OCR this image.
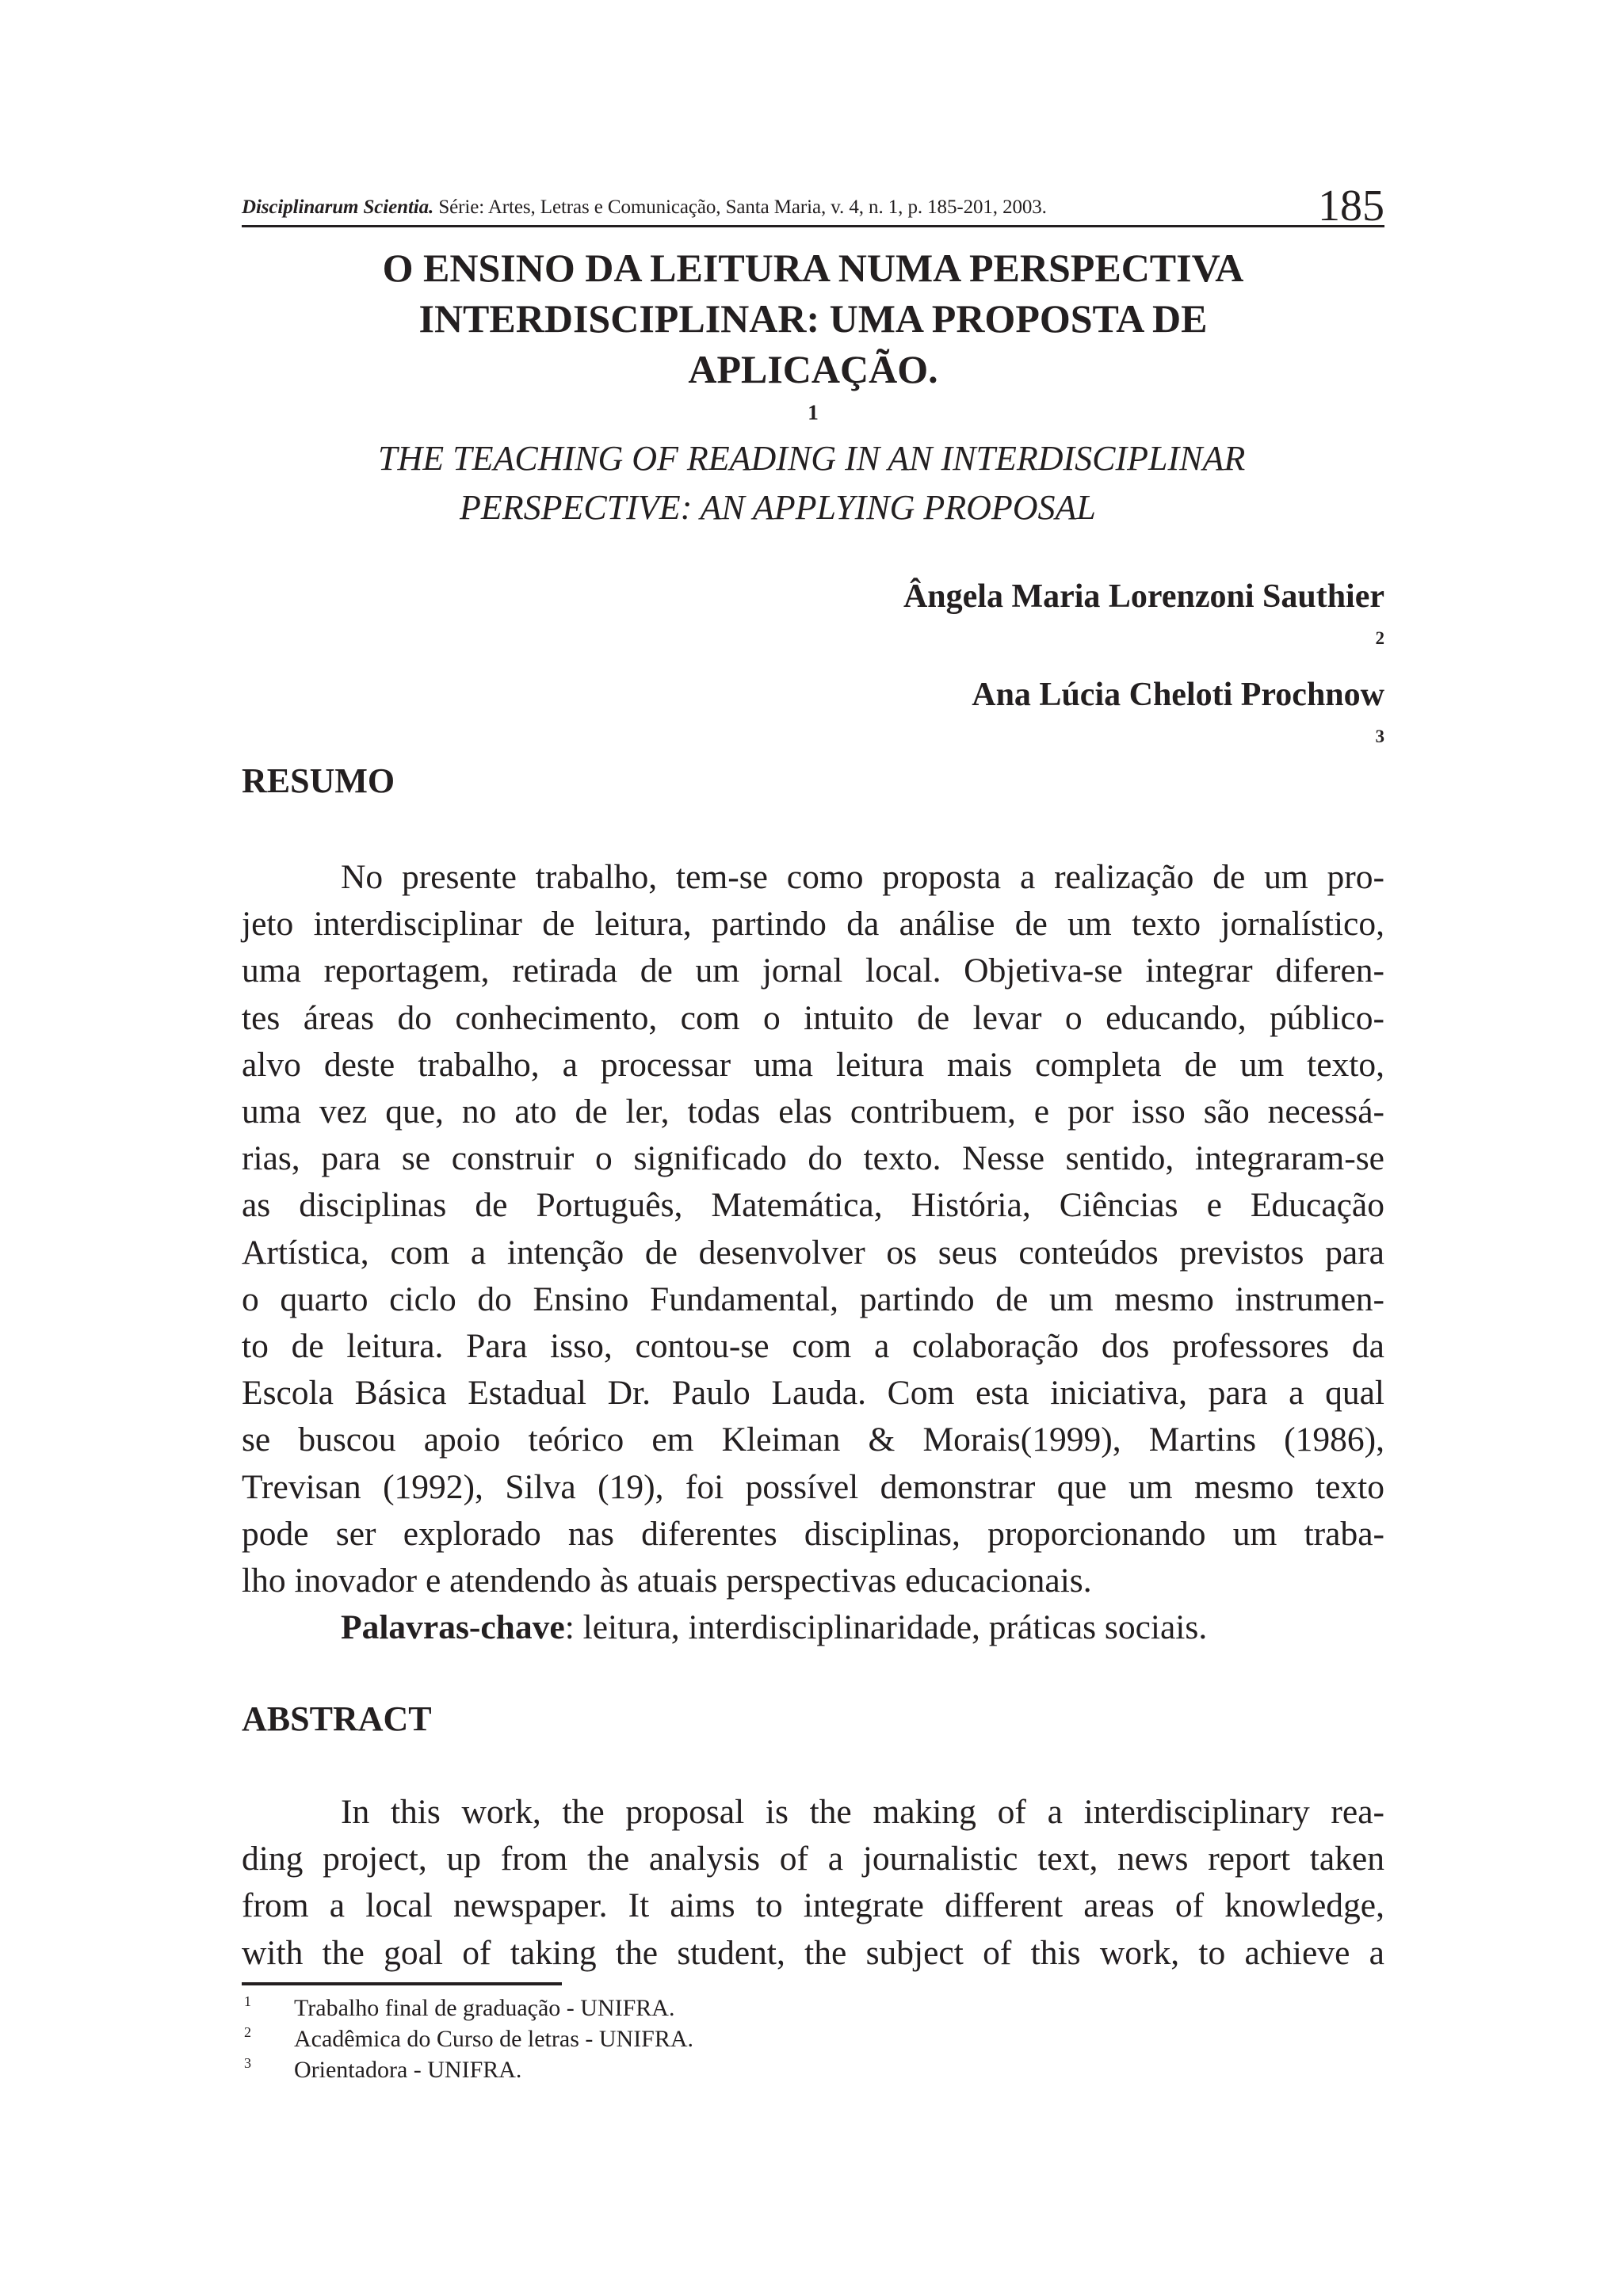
Disciplinarum Scientia. Série: Artes, Letras e Comunicação, Santa Maria, v. 4, n. 1, p. 185-201, 2003.	185
O ENSINO DA LEITURA NUMA PERSPECTIVA
INTERDISCIPLINAR: UMA PROPOSTA DE
APLICAÇÃO.
$^1$
THE TEACHING OF READING IN AN INTERDISCIPLINAR
PERSPECTIVE: AN APPLYING PROPOSAL
Ângela Maria Lorenzoni Sauthier
$^2$
Ana Lúcia Cheloti Prochnow
$^3$
RESUMO
No presente trabalho, tem-se como proposta a realização de um pro-
jeto interdisciplinar de leitura, partindo da análise de um texto jornalístico,
uma reportagem, retirada de um jornal local. Objetiva-se integrar diferen-
tes áreas do conhecimento, com o intuito de levar o educando, público-
alvo deste trabalho, a processar uma leitura mais completa de um texto,
uma vez que, no ato de ler, todas elas contribuem, e por isso são necessá-
rias, para se construir o significado do texto. Nesse sentido, integraram-se
as disciplinas de Português, Matemática, História, Ciências e Educação
Artística, com a intenção de desenvolver os seus conteúdos previstos para
o quarto ciclo do Ensino Fundamental, partindo de um mesmo instrumen-
to de leitura. Para isso, contou-se com a colaboração dos professores da
Escola Básica Estadual Dr. Paulo Lauda. Com esta iniciativa, para a qual
se buscou apoio teórico em Kleiman & Morais(1999), Martins (1986),
Trevisan (1992), Silva (19), foi possível demonstrar que um mesmo texto
pode ser explorado nas diferentes disciplinas, proporcionando um traba-
lho inovador e atendendo às atuais perspectivas educacionais.
Palavras-chave: leitura, interdisciplinaridade, práticas sociais.
ABSTRACT
In this work, the proposal is the making of a interdisciplinary rea-
ding project, up from the analysis of a journalistic text, news report taken
from a local newspaper. It aims to integrate different areas of knowledge,
with the goal of taking the student, the subject of this work, to achieve a
1 Trabalho final de graduação - UNIFRA.
2 Acadêmica do Curso de letras - UNIFRA.
3 Orientadora - UNIFRA.
